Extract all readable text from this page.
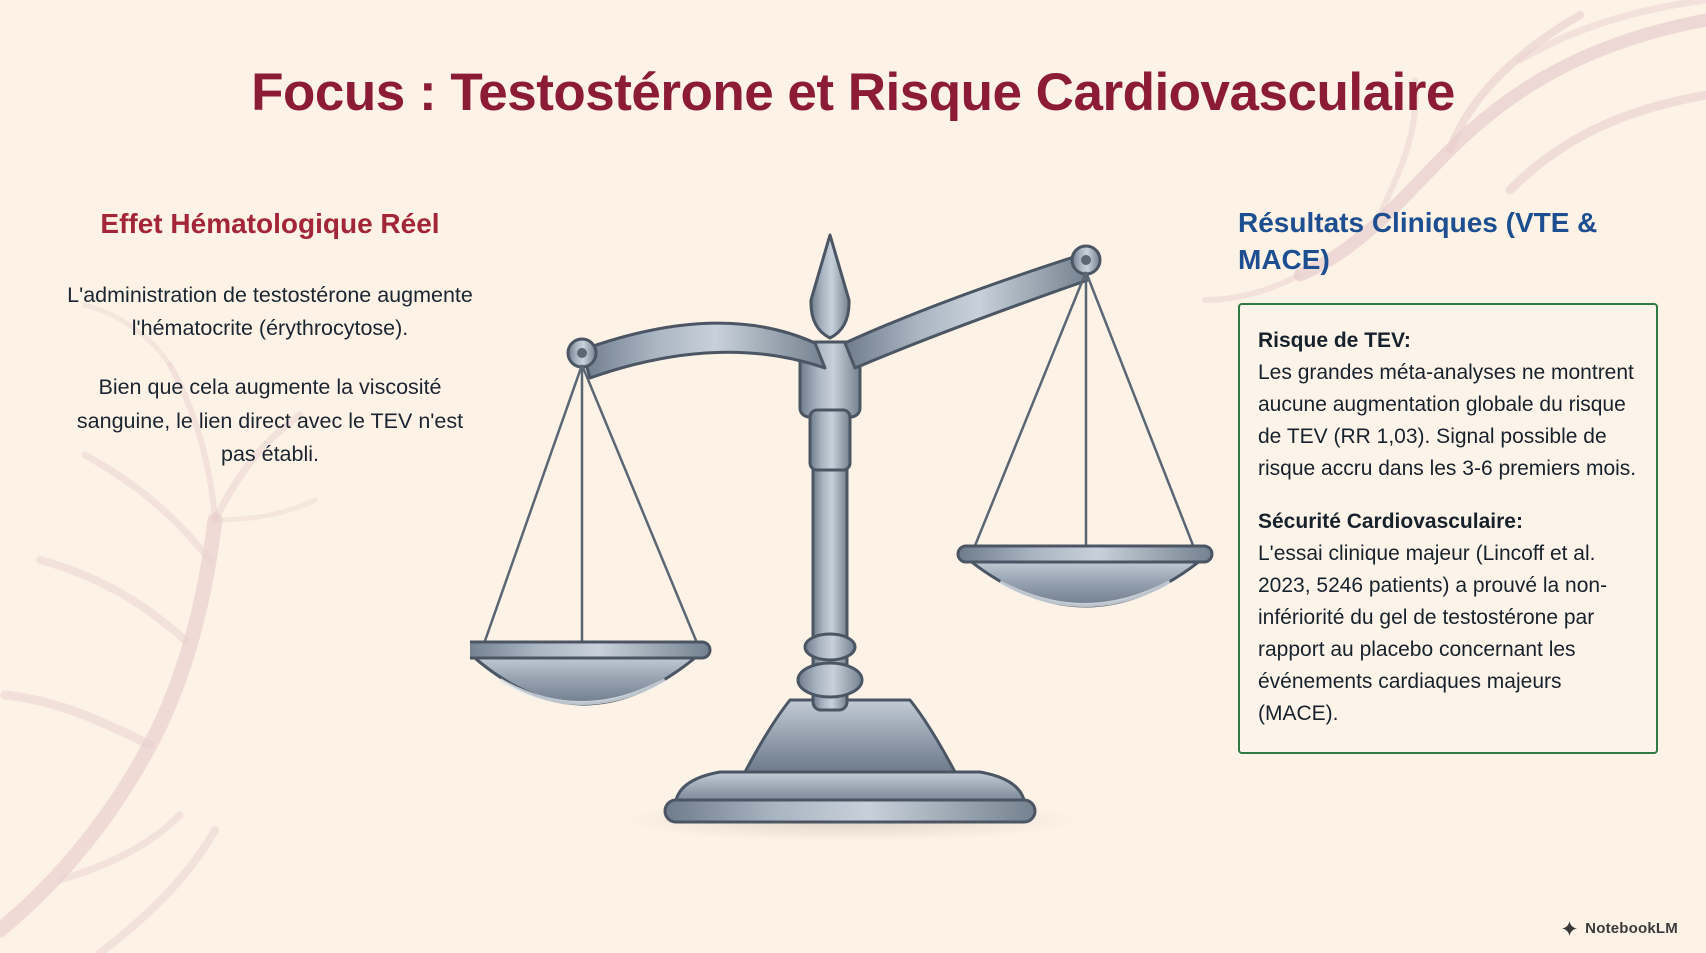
Focus : Testostérone et Risque Cardiovasculaire
Effet Hématologique Réel

L'administration de testostérone augmente l'hématocrite (érythrocytose).

Bien que cela augmente la viscosité sanguine, le lien direct avec le TEV n'est pas établi.

Résultats Cliniques (VTE & MACE)

Risque de TEV:
Les grandes méta-analyses ne montrent aucune augmentation globale du risque de TEV (RR 1,03). Signal possible de risque accru dans les 3-6 premiers mois.

Sécurité Cardiovasculaire:
L'essai clinique majeur (Lincoff et al. 2023, 5246 patients) a prouvé la non-infériorité du gel de testostérone par rapport au placebo concernant les événements cardiaques majeurs (MACE).

NotebookLM
